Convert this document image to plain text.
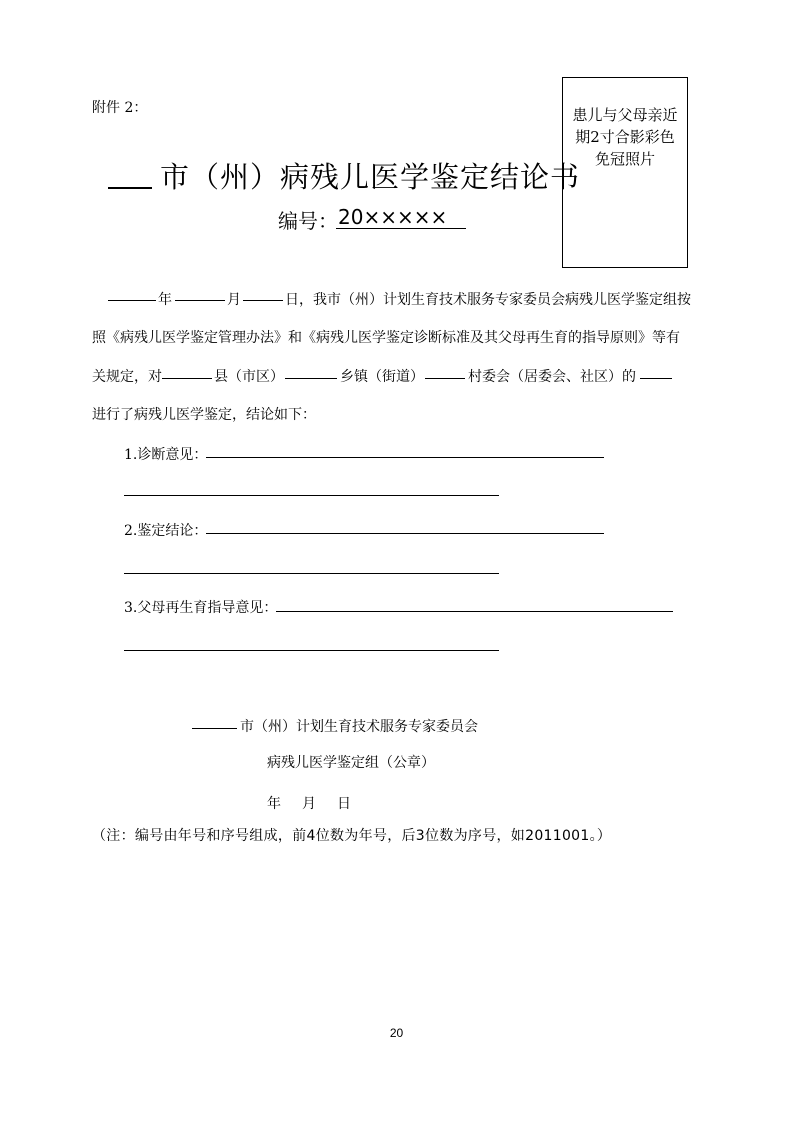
附件 2：	患儿与父母亲近期2寸合影彩色免冠照片
市（州）病残儿医学鉴定结论书
编号： 20×××××
年	月	日，我市（州）计划生育技术服务专家委员会病残儿医学鉴定组按
照《病残儿医学鉴定管理办法》和《病残儿医学鉴定诊断标准及其父母再生育的指导原则》等有
关规定，对	县（市区）	乡镇（街道）	村委会（居委会、社区）的
进行了病残儿医学鉴定，结论如下：
1.诊断意见：
2.鉴定结论：
3.父母再生育指导意见：
市（州）计划生育技术服务专家委员会
病残儿医学鉴定组（公章）
年 月 日
（注：编号由年号和序号组成，前4位数为年号，后3位数为序号，如2011001。）
20
